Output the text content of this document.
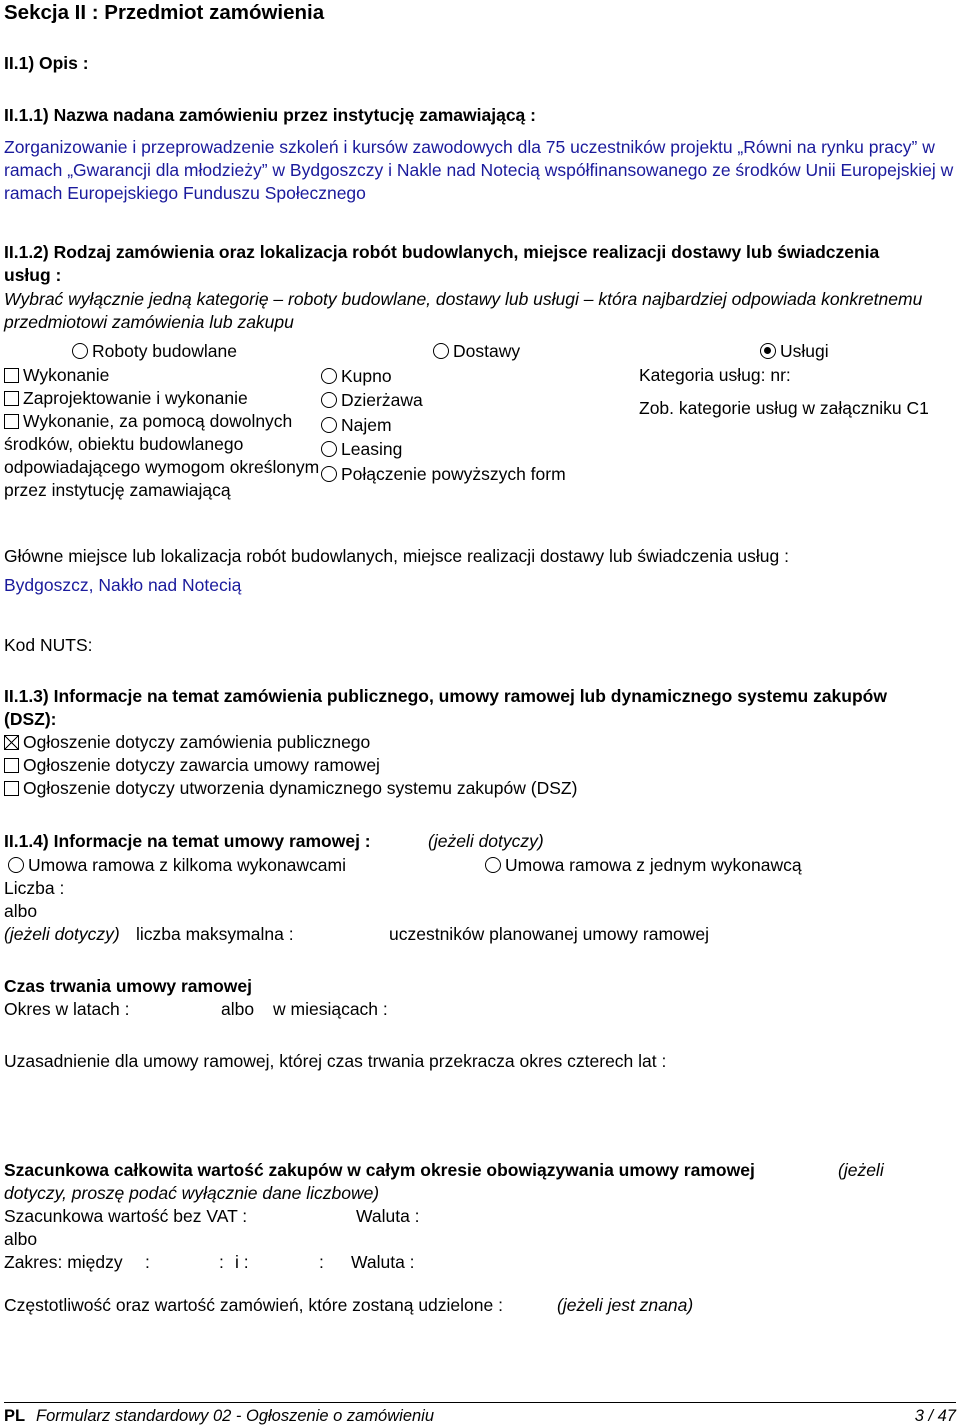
Sekcja II : Przedmiot zamówienia
II.1) Opis :
II.1.1) Nazwa nadana zamówieniu przez instytucję zamawiającą :
Zorganizowanie i przeprowadzenie szkoleń i kursów zawodowych dla 75 uczestników projektu „Równi na rynku pracy” w ramach „Gwarancji dla młodzieży” w Bydgoszczy i Nakle nad Notecią współfinansowanego ze środków Unii Europejskiej w ramach Europejskiego Funduszu Społecznego
II.1.2) Rodzaj zamówienia oraz lokalizacja robót budowlanych, miejsce realizacji dostawy lub świadczenia usług :
Wybrać wyłącznie jedną kategorię – roboty budowlane, dostawy lub usługi – która najbardziej odpowiada konkretnemu przedmiotowi zamówienia lub zakupu
Roboty budowlane	Dostawy	Usługi
Wykonanie
Zaprojektowanie i wykonanie
Wykonanie, za pomocą dowolnych środków, obiektu budowlanego odpowiadającego wymogom określonym przez instytucję zamawiającą
Kupno
Dzierżawa
Najem
Leasing
Połączenie powyższych form
Kategoria usług: nr:
Zob. kategorie usług w załączniku C1
Główne miejsce lub lokalizacja robót budowlanych, miejsce realizacji dostawy lub świadczenia usług :
Bydgoszcz, Nakło nad Notecią
Kod NUTS:
II.1.3) Informacje na temat zamówienia publicznego, umowy ramowej lub dynamicznego systemu zakupów (DSZ):
Ogłoszenie dotyczy zamówienia publicznego
Ogłoszenie dotyczy zawarcia umowy ramowej
Ogłoszenie dotyczy utworzenia dynamicznego systemu zakupów (DSZ)
II.1.4) Informacje na temat umowy ramowej :	(jeżeli dotyczy)
Umowa ramowa z kilkoma wykonawcami	Umowa ramowa z jednym wykonawcą
Liczba :
albo
(jeżeli dotyczy) liczba maksymalna :	uczestników planowanej umowy ramowej
Czas trwania umowy ramowej
Okres w latach :	albo w miesiącach :
Uzasadnienie dla umowy ramowej, której czas trwania przekracza okres czterech lat :
Szacunkowa całkowita wartość zakupów w całym okresie obowiązywania umowy ramowej	(jeżeli
dotyczy, proszę podać wyłącznie dane liczbowe)
Szacunkowa wartość bez VAT :	Waluta :
albo
Zakres: między :	: i :	: Waluta :
Częstotliwość oraz wartość zamówień, które zostaną udzielone :	(jeżeli jest znana)
PL Formularz standardowy 02 - Ogłoszenie o zamówieniu	3 / 47
